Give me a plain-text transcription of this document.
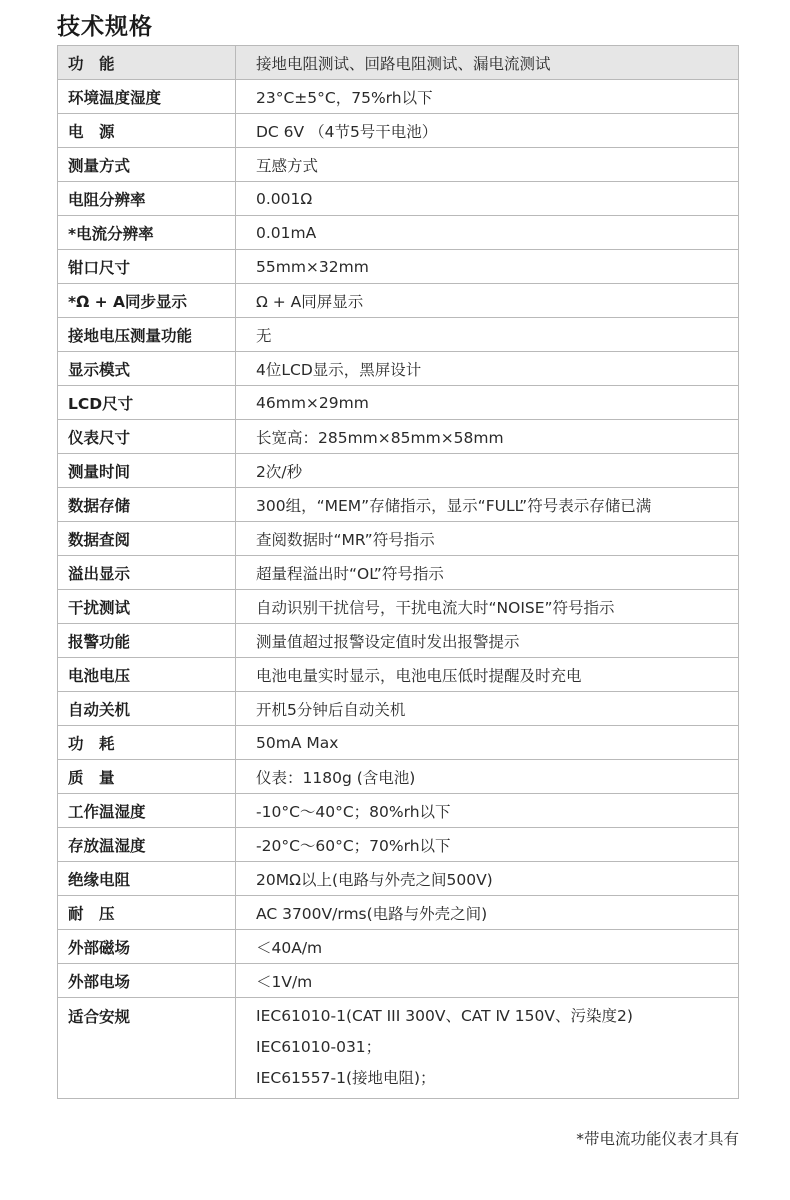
技术规格
功　能	接地电阻测试、回路电阻测试、漏电流测试
环境温度湿度	23°C±5°C，75%rh以下
电　源	DC 6V （4节5号干电池）
测量方式	互感方式
电阻分辨率	0.001Ω
*电流分辨率	0.01mA
钳口尺寸	55mm×32mm
*Ω + A同步显示	Ω + A同屏显示
接地电压测量功能	无
显示模式	4位LCD显示，黑屏设计
LCD尺寸	46mm×29mm
仪表尺寸	长宽高：285mm×85mm×58mm
测量时间	2次/秒
数据存储	300组，“MEM”存储指示，显示“FULL”符号表示存储已满
数据查阅	查阅数据时“MR”符号指示
溢出显示	超量程溢出时“OL”符号指示
干扰测试	自动识别干扰信号，干扰电流大时“NOISE”符号指示
报警功能	测量值超过报警设定值时发出报警提示
电池电压	电池电量实时显示，电池电压低时提醒及时充电
自动关机	开机5分钟后自动关机
功　耗	50mA Max
质　量	仪表：1180g (含电池)
工作温湿度	-10°C～40°C；80%rh以下
存放温湿度	-20°C～60°C；70%rh以下
绝缘电阻	20MΩ以上(电路与外壳之间500V)
耐　压	AC 3700V/rms(电路与外壳之间)
外部磁场	＜40A/m
外部电场	＜1V/m
适合安规	IEC61010-1(CAT III 300V、CAT Ⅳ 150V、污染度2)
IEC61010-031；
IEC61557-1(接地电阻)；
*带电流功能仪表才具有
